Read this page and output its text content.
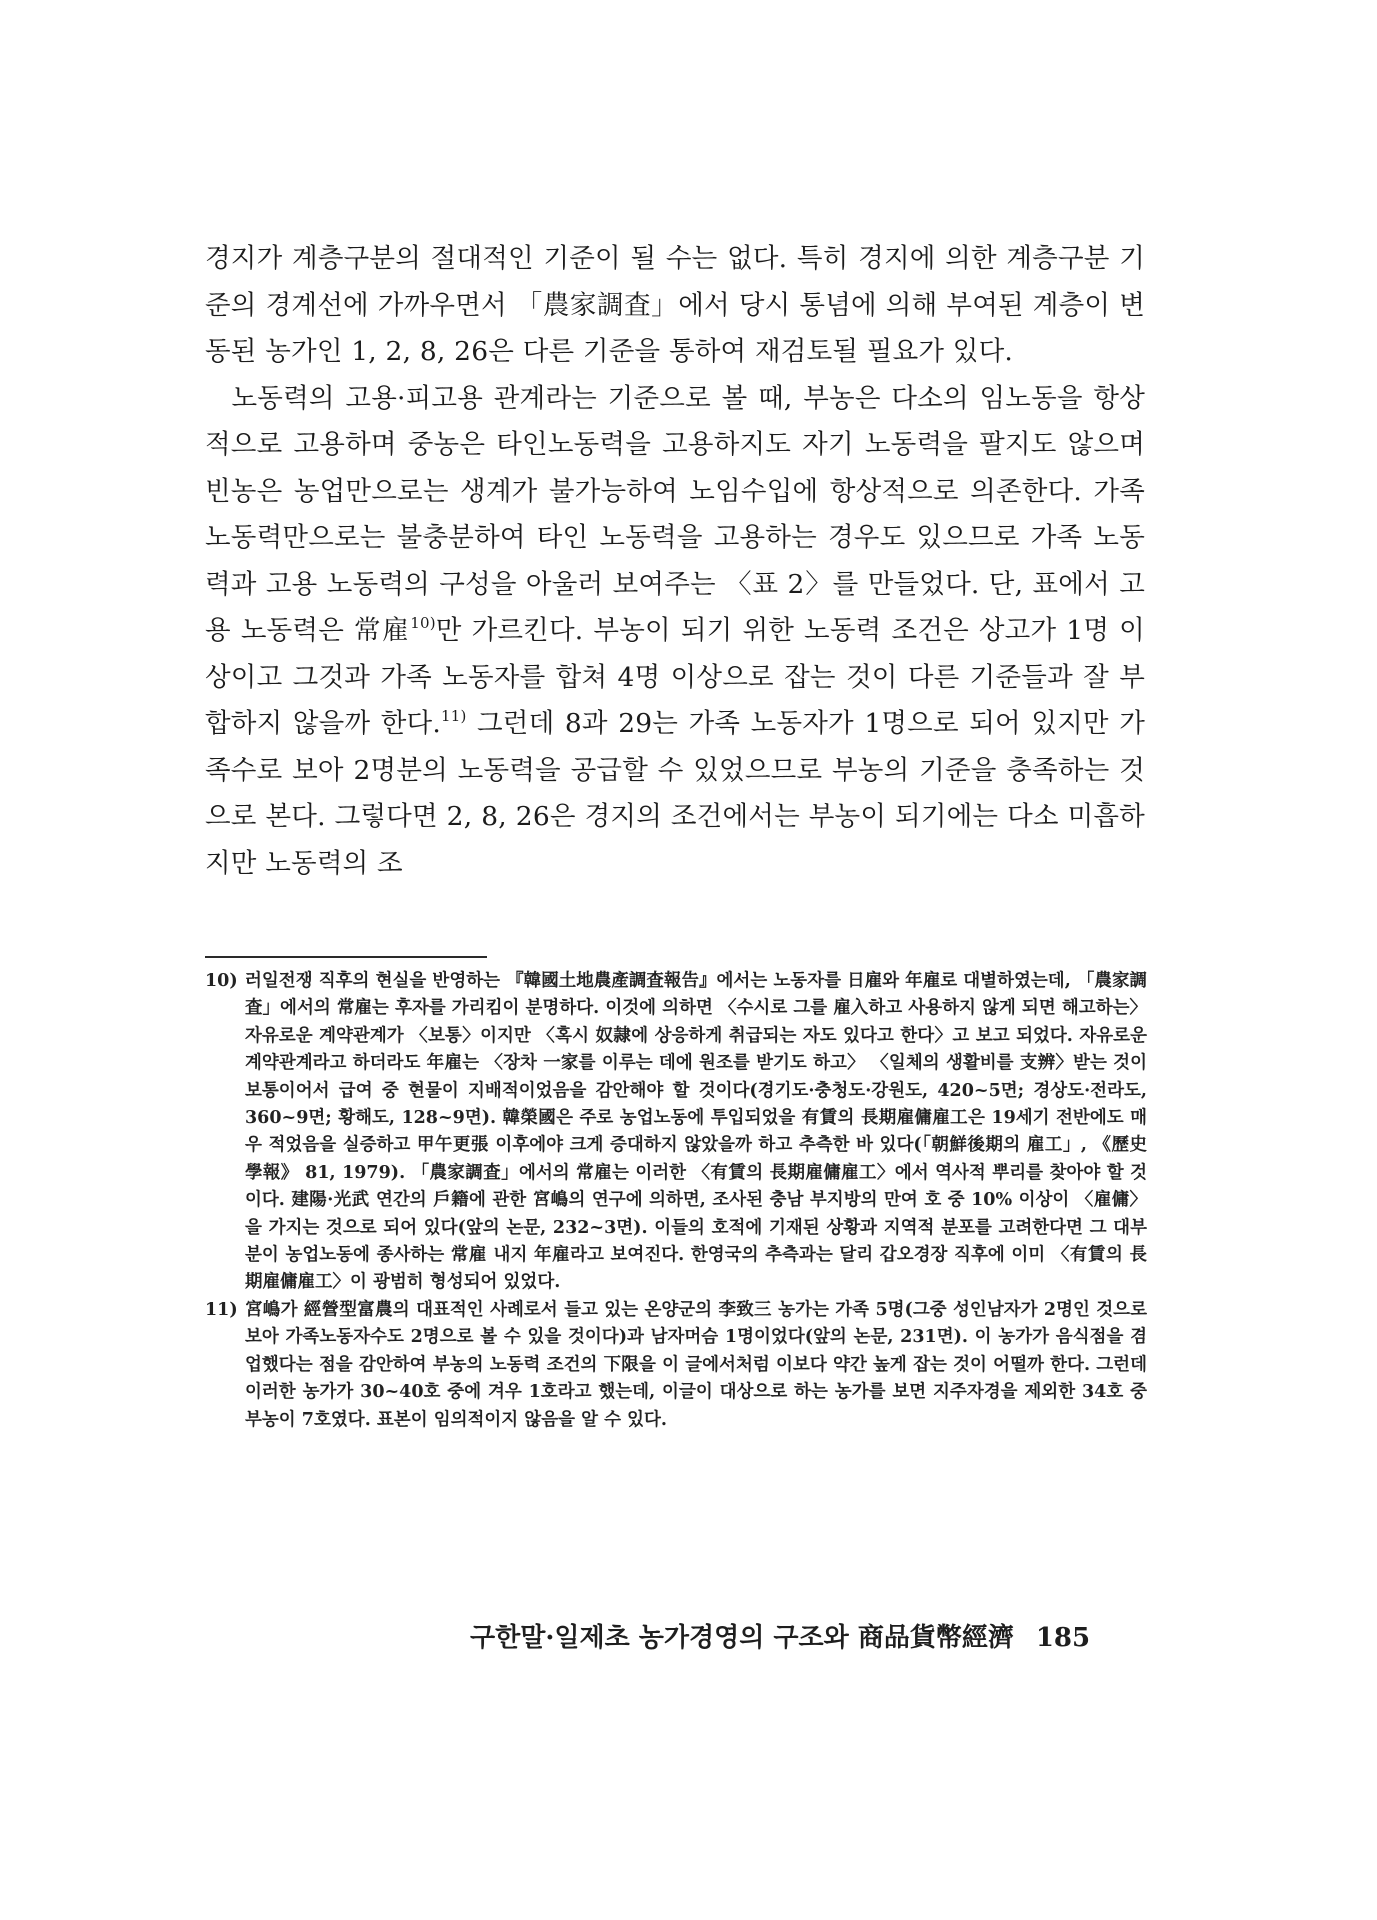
경지가 계층구분의 절대적인 기준이 될 수는 없다. 특히 경지에 의한 계층구분 기준의 경계선에 가까우면서 「農家調査」에서 당시 통념에 의해 부여된 계층이 변동된 농가인 1, 2, 8, 26은 다른 기준을 통하여 재검토될 필요가 있다.

노동력의 고용·피고용 관계라는 기준으로 볼 때, 부농은 다소의 임노동을 항상적으로 고용하며 중농은 타인노동력을 고용하지도 자기 노동력을 팔지도 않으며 빈농은 농업만으로는 생계가 불가능하여 노임수입에 항상적으로 의존한다. 가족 노동력만으로는 불충분하여 타인 노동력을 고용하는 경우도 있으므로 가족 노동력과 고용 노동력의 구성을 아울러 보여주는 〈표 2〉를 만들었다. 단, 표에서 고용 노동력은 常雇$^{10)}$만 가르킨다. 부농이 되기 위한 노동력 조건은 상고가 1명 이상이고 그것과 가족 노동자를 합쳐 4명 이상으로 잡는 것이 다른 기준들과 잘 부합하지 않을까 한다.$^{11)}$ 그런데 8과 29는 가족 노동자가 1명으로 되어 있지만 가족수로 보아 2명분의 노동력을 공급할 수 있었으므로 부농의 기준을 충족하는 것으로 본다. 그렇다면 2, 8, 26은 경지의 조건에서는 부농이 되기에는 다소 미흡하지만 노동력의 조

10) 러일전쟁 직후의 현실을 반영하는 『韓國土地農產調査報告』에서는 노동자를 日雇와 年雇로 대별하였는데, 「農家調査」에서의 常雇는 후자를 가리킴이 분명하다. 이것에 의하면 〈수시로 그를 雇入하고 사용하지 않게 되면 해고하는〉 자유로운 계약관계가 〈보통〉이지만 〈혹시 奴隷에 상응하게 취급되는 자도 있다고 한다〉고 보고 되었다. 자유로운 계약관계라고 하더라도 年雇는 〈장차 一家를 이루는 데에 원조를 받기도 하고〉 〈일체의 생활비를 支辨〉받는 것이 보통이어서 급여 중 현물이 지배적이었음을 감안해야 할 것이다(경기도·충청도·강원도, 420~5면; 경상도·전라도, 360~9면; 황해도, 128~9면). 韓榮國은 주로 농업노동에 투입되었을 有賃의 長期雇傭雇工은 19세기 전반에도 매우 적었음을 실증하고 甲午更張 이후에야 크게 증대하지 않았을까 하고 추측한 바 있다(「朝鮮後期의 雇工」, 《歷史學報》 81, 1979). 「農家調査」에서의 常雇는 이러한 〈有賃의 長期雇傭雇工〉에서 역사적 뿌리를 찾아야 할 것이다. 建陽·光武 연간의 戶籍에 관한 宮嶋의 연구에 의하면, 조사된 충남 부지방의 만여 호 중 10% 이상이 〈雇傭〉을 가지는 것으로 되어 있다(앞의 논문, 232~3면). 이들의 호적에 기재된 상황과 지역적 분포를 고려한다면 그 대부분이 농업노동에 종사하는 常雇 내지 年雇라고 보여진다. 한영국의 추측과는 달리 갑오경장 직후에 이미 〈有賃의 長期雇傭雇工〉이 광범히 형성되어 있었다.
11) 宮嶋가 經營型富農의 대표적인 사례로서 들고 있는 온양군의 李致三 농가는 가족 5명(그중 성인남자가 2명인 것으로 보아 가족노동자수도 2명으로 볼 수 있을 것이다)과 남자머슴 1명이었다(앞의 논문, 231면). 이 농가가 음식점을 겸업했다는 점을 감안하여 부농의 노동력 조건의 下限을 이 글에서처럼 이보다 약간 높게 잡는 것이 어떨까 한다. 그런데 이러한 농가가 30~40호 중에 겨우 1호라고 했는데, 이글이 대상으로 하는 농가를 보면 지주자경을 제외한 34호 중 부농이 7호였다. 표본이 임의적이지 않음을 알 수 있다.
구한말·일제초 농가경영의 구조와 商品貨幣經濟 185
